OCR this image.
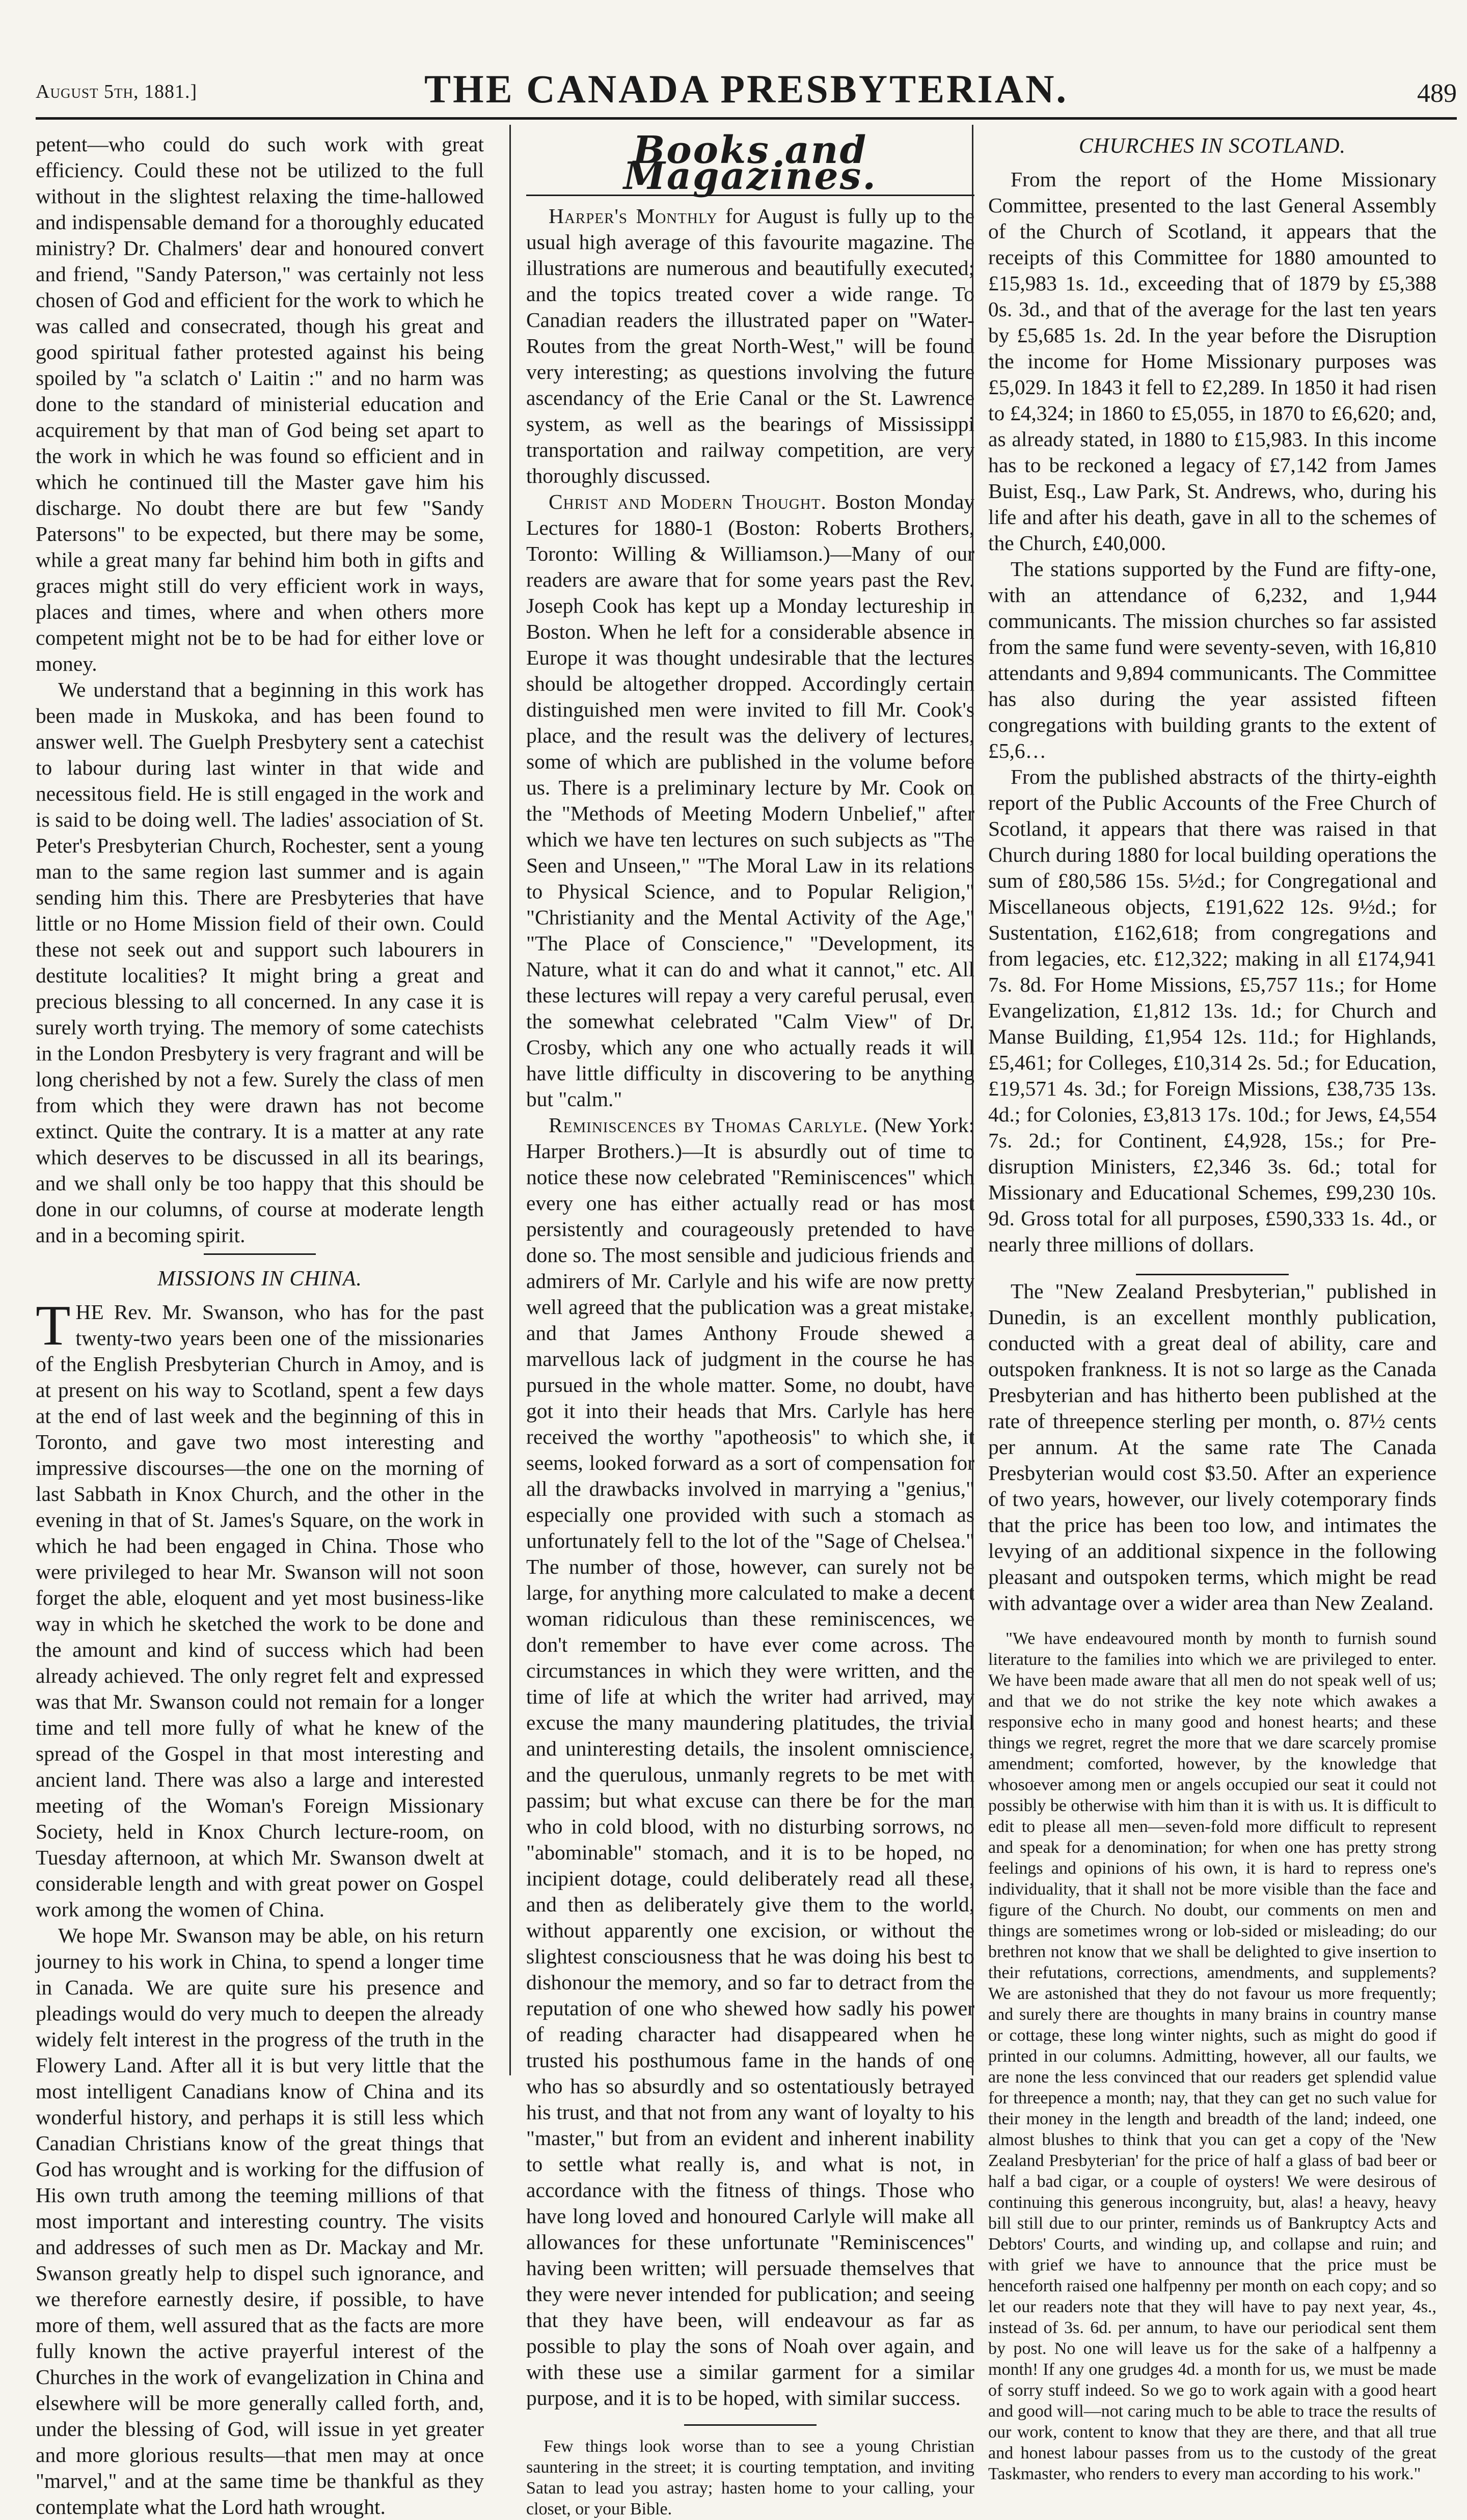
August 5th, 1881.]	THE CANADA PRESBYTERIAN.	489

petent—who could do such work with great efficiency. Could these not be utilized to the full without in the slightest relaxing the time-hallowed and indispensable demand for a thoroughly educated ministry? Dr. Chalmers' dear and honoured convert and friend, "Sandy Paterson," was certainly not less chosen of God and efficient for the work to which he was called and consecrated, though his great and good spiritual father protested against his being spoiled by "a sclatch o' Laitin :" and no harm was done to the standard of ministerial education and acquirement by that man of God being set apart to the work in which he was found so efficient and in which he continued till the Master gave him his discharge. No doubt there are but few "Sandy Patersons" to be expected, but there may be some, while a great many far behind him both in gifts and graces might still do very efficient work in ways, places and times, where and when others more competent might not be to be had for either love or money.

We understand that a beginning in this work has been made in Muskoka, and has been found to answer well. The Guelph Presbytery sent a catechist to labour during last winter in that wide and necessitous field. He is still engaged in the work and is said to be doing well. The ladies' association of St. Peter's Presbyterian Church, Rochester, sent a young man to the same region last summer and is again sending him this. There are Presbyteries that have little or no Home Mission field of their own. Could these not seek out and support such labourers in destitute localities? It might bring a great and precious blessing to all concerned. In any case it is surely worth trying. The memory of some catechists in the London Presbytery is very fragrant and will be long cherished by not a few. Surely the class of men from which they were drawn has not become extinct. Quite the contrary. It is a matter at any rate which deserves to be discussed in all its bearings, and we shall only be too happy that this should be done in our columns, of course at moderate length and in a becoming spirit.

MISSIONS IN CHINA.

THE Rev. Mr. Swanson, who has for the past twenty-two years been one of the missionaries of the English Presbyterian Church in Amoy, and is at present on his way to Scotland, spent a few days at the end of last week and the beginning of this in Toronto, and gave two most interesting and impressive discourses—the one on the morning of last Sabbath in Knox Church, and the other in the evening in that of St. James's Square, on the work in which he had been engaged in China. Those who were privileged to hear Mr. Swanson will not soon forget the able, eloquent and yet most business-like way in which he sketched the work to be done and the amount and kind of success which had been already achieved. The only regret felt and expressed was that Mr. Swanson could not remain for a longer time and tell more fully of what he knew of the spread of the Gospel in that most interesting and ancient land. There was also a large and interested meeting of the Woman's Foreign Missionary Society, held in Knox Church lecture-room, on Tuesday afternoon, at which Mr. Swanson dwelt at considerable length and with great power on Gospel work among the women of China.

We hope Mr. Swanson may be able, on his return journey to his work in China, to spend a longer time in Canada. We are quite sure his presence and pleadings would do very much to deepen the already widely felt interest in the progress of the truth in the Flowery Land. After all it is but very little that the most intelligent Canadians know of China and its wonderful history, and perhaps it is still less which Canadian Christians know of the great things that God has wrought and is working for the diffusion of His own truth among the teeming millions of that most important and interesting country. The visits and addresses of such men as Dr. Mackay and Mr. Swanson greatly help to dispel such ignorance, and we therefore earnestly desire, if possible, to have more of them, well assured that as the facts are more fully known the active prayerful interest of the Churches in the work of evangelization in China and elsewhere will be more generally called forth, and, under the blessing of God, will issue in yet greater and more glorious results—that men may at once "marvel," and at the same time be thankful as they contemplate what the Lord hath wrought.

Books and Magazines.

Harper's Monthly for August is fully up to the usual high average of this favourite magazine. The illustrations are numerous and beautifully executed; and the topics treated cover a wide range. To Canadian readers the illustrated paper on "Water-Routes from the great North-West," will be found very interesting; as questions involving the future ascendancy of the Erie Canal or the St. Lawrence system, as well as the bearings of Mississippi transportation and railway competition, are very thoroughly discussed.

Christ and Modern Thought. Boston Monday Lectures for 1880-1 (Boston: Roberts Brothers, Toronto: Willing & Williamson.)—Many of our readers are aware that for some years past the Rev. Joseph Cook has kept up a Monday lectureship in Boston. When he left for a considerable absence in Europe it was thought undesirable that the lectures should be altogether dropped. Accordingly certain distinguished men were invited to fill Mr. Cook's place, and the result was the delivery of lectures, some of which are published in the volume before us. There is a preliminary lecture by Mr. Cook on the "Methods of Meeting Modern Unbelief," after which we have ten lectures on such subjects as "The Seen and Unseen," "The Moral Law in its relations to Physical Science, and to Popular Religion," "Christianity and the Mental Activity of the Age," "The Place of Conscience," "Development, its Nature, what it can do and what it cannot," etc. All these lectures will repay a very careful perusal, even the somewhat celebrated "Calm View" of Dr. Crosby, which any one who actually reads it will have little difficulty in discovering to be anything but "calm."

Reminiscences by Thomas Carlyle. (New York: Harper Brothers.)—It is absurdly out of time to notice these now celebrated "Reminiscences" which every one has either actually read or has most persistently and courageously pretended to have done so. The most sensible and judicious friends and admirers of Mr. Carlyle and his wife are now pretty well agreed that the publication was a great mistake, and that James Anthony Froude shewed a marvellous lack of judgment in the course he has pursued in the whole matter. Some, no doubt, have got it into their heads that Mrs. Carlyle has here received the worthy "apotheosis" to which she, it seems, looked forward as a sort of compensation for all the drawbacks involved in marrying a "genius," especially one provided with such a stomach as unfortunately fell to the lot of the "Sage of Chelsea." The number of those, however, can surely not be large, for anything more calculated to make a decent woman ridiculous than these reminiscences, we don't remember to have ever come across. The circumstances in which they were written, and the time of life at which the writer had arrived, may excuse the many maundering platitudes, the trivial and uninteresting details, the insolent omniscience, and the querulous, unmanly regrets to be met with passim; but what excuse can there be for the man who in cold blood, with no disturbing sorrows, no "abominable" stomach, and it is to be hoped, no incipient dotage, could deliberately read all these, and then as deliberately give them to the world, without apparently one excision, or without the slightest consciousness that he was doing his best to dishonour the memory, and so far to detract from the reputation of one who shewed how sadly his power of reading character had disappeared when he trusted his posthumous fame in the hands of one who has so absurdly and so ostentatiously betrayed his trust, and that not from any want of loyalty to his "master," but from an evident and inherent inability to settle what really is, and what is not, in accordance with the fitness of things. Those who have long loved and honoured Carlyle will make all allowances for these unfortunate "Reminiscences" having been written; will persuade themselves that they were never intended for publication; and seeing that they have been, will endeavour as far as possible to play the sons of Noah over again, and with these use a similar garment for a similar purpose, and it is to be hoped, with similar success.

Few things look worse than to see a young Christian sauntering in the street; it is courting temptation, and inviting Satan to lead you astray; hasten home to your calling, your closet, or your Bible.

CHURCHES IN SCOTLAND.

From the report of the Home Missionary Committee, presented to the last General Assembly of the Church of Scotland, it appears that the receipts of this Committee for 1880 amounted to £15,983 1s. 1d., exceeding that of 1879 by £5,388 0s. 3d., and that of the average for the last ten years by £5,685 1s. 2d. In the year before the Disruption the income for Home Missionary purposes was £5,029. In 1843 it fell to £2,289. In 1850 it had risen to £4,324; in 1860 to £5,055, in 1870 to £6,620; and, as already stated, in 1880 to £15,983. In this income has to be reckoned a legacy of £7,142 from James Buist, Esq., Law Park, St. Andrews, who, during his life and after his death, gave in all to the schemes of the Church, £40,000.

The stations supported by the Fund are fifty-one, with an attendance of 6,232, and 1,944 communicants. The mission churches so far assisted from the same fund were seventy-seven, with 16,810 attendants and 9,894 communicants. The Committee has also during the year assisted fifteen congregations with building grants to the extent of £5,6…

From the published abstracts of the thirty-eighth report of the Public Accounts of the Free Church of Scotland, it appears that there was raised in that Church during 1880 for local building operations the sum of £80,586 15s. 5½d.; for Congregational and Miscellaneous objects, £191,622 12s. 9½d.; for Sustentation, £162,618; from congregations and from legacies, etc. £12,322; making in all £174,941 7s. 8d. For Home Missions, £5,757 11s.; for Home Evangelization, £1,812 13s. 1d.; for Church and Manse Building, £1,954 12s. 11d.; for Highlands, £5,461; for Colleges, £10,314 2s. 5d.; for Education, £19,571 4s. 3d.; for Foreign Missions, £38,735 13s. 4d.; for Colonies, £3,813 17s. 10d.; for Jews, £4,554 7s. 2d.; for Continent, £4,928, 15s.; for Pre-disruption Ministers, £2,346 3s. 6d.; total for Missionary and Educational Schemes, £99,230 10s. 9d. Gross total for all purposes, £590,333 1s. 4d., or nearly three millions of dollars.

The "New Zealand Presbyterian," published in Dunedin, is an excellent monthly publication, conducted with a great deal of ability, care and outspoken frankness. It is not so large as the Canada Presbyterian and has hitherto been published at the rate of threepence sterling per month, o. 87½ cents per annum. At the same rate The Canada Presbyterian would cost $3.50. After an experience of two years, however, our lively cotemporary finds that the price has been too low, and intimates the levying of an additional sixpence in the following pleasant and outspoken terms, which might be read with advantage over a wider area than New Zealand.

"We have endeavoured month by month to furnish sound literature to the families into which we are privileged to enter. We have been made aware that all men do not speak well of us; and that we do not strike the key note which awakes a responsive echo in many good and honest hearts; and these things we regret, regret the more that we dare scarcely promise amendment; comforted, however, by the knowledge that whosoever among men or angels occupied our seat it could not possibly be otherwise with him than it is with us. It is difficult to edit to please all men—seven-fold more difficult to represent and speak for a denomination; for when one has pretty strong feelings and opinions of his own, it is hard to repress one's individuality, that it shall not be more visible than the face and figure of the Church. No doubt, our comments on men and things are sometimes wrong or lob-sided or misleading; do our brethren not know that we shall be delighted to give insertion to their refutations, corrections, amendments, and supplements? We are astonished that they do not favour us more frequently; and surely there are thoughts in many brains in country manse or cottage, these long winter nights, such as might do good if printed in our columns. Admitting, however, all our faults, we are none the less convinced that our readers get splendid value for threepence a month; nay, that they can get no such value for their money in the length and breadth of the land; indeed, one almost blushes to think that you can get a copy of the 'New Zealand Presbyterian' for the price of half a glass of bad beer or half a bad cigar, or a couple of oysters! We were desirous of continuing this generous incongruity, but, alas! a heavy, heavy bill still due to our printer, reminds us of Bankruptcy Acts and Debtors' Courts, and winding up, and collapse and ruin; and with grief we have to announce that the price must be henceforth raised one halfpenny per month on each copy; and so let our readers note that they will have to pay next year, 4s., instead of 3s. 6d. per annum, to have our periodical sent them by post. No one will leave us for the sake of a halfpenny a month! If any one grudges 4d. a month for us, we must be made of sorry stuff indeed. So we go to work again with a good heart and good will—not caring much to be able to trace the results of our work, content to know that they are there, and that all true and honest labour passes from us to the custody of the great Taskmaster, who renders to every man according to his work."
